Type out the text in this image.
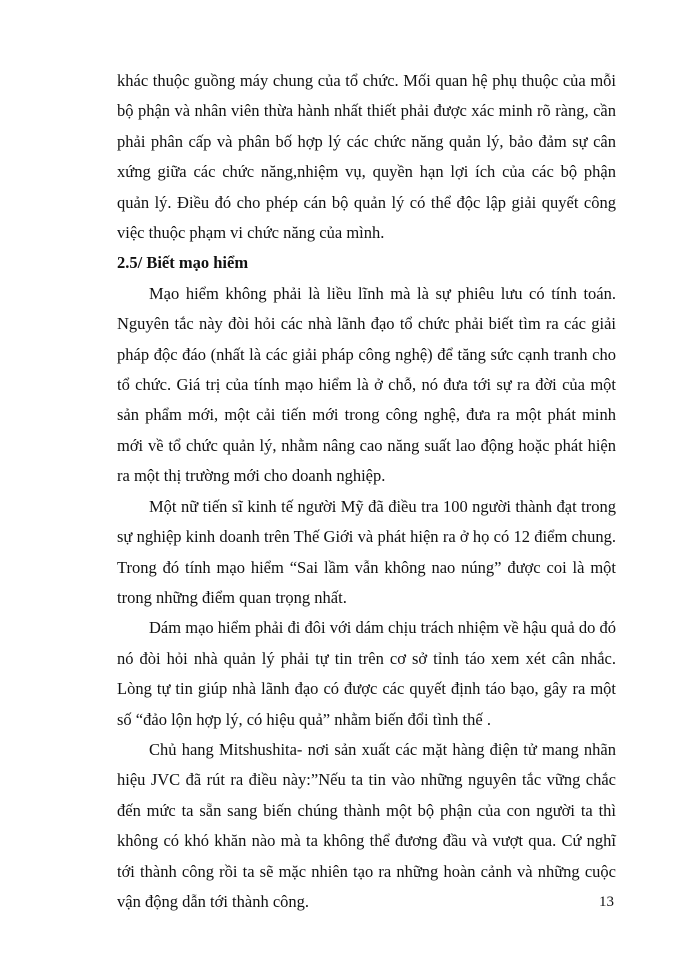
khác thuộc guồng máy chung của tổ chức. Mối quan hệ phụ thuộc của mỗi bộ phận và nhân viên thừa hành nhất thiết phải được xác minh rõ ràng, cần phải phân cấp và phân bố hợp lý các chức năng quản lý, bảo đảm sự cân xứng giữa các chức năng,nhiệm vụ, quyền hạn lợi ích của các bộ phận quản lý. Điều đó cho phép cán bộ quản lý có thể độc lập giải quyết công việc thuộc phạm vi chức năng của mình.

2.5/ Biết mạo hiểm

Mạo hiểm không phải là liều lĩnh mà là sự phiêu lưu có tính toán. Nguyên tắc này đòi hỏi các nhà lãnh đạo tổ chức phải biết tìm ra các giải pháp độc đáo (nhất là các giải pháp công nghệ) để tăng sức cạnh tranh cho tổ chức. Giá trị của tính mạo hiểm là ở chỗ, nó đưa tới sự ra đời của một sản phẩm mới, một cải tiến mới trong công nghệ, đưa ra một phát minh mới về tổ chức quản lý, nhằm nâng cao năng suất lao động hoặc phát hiện ra một thị trường mới cho doanh nghiệp.

Một nữ tiến sĩ kinh tế người Mỹ đã điều tra 100 người thành đạt trong sự nghiệp kinh doanh trên Thế Giới và phát hiện ra ở họ có 12 điểm chung. Trong đó tính mạo hiểm “Sai lầm vẫn không nao núng” được coi là một trong những điểm quan trọng nhất.

Dám mạo hiểm phải đi đôi với dám chịu trách nhiệm về hậu quả do đó nó đòi hỏi nhà quản lý phải tự tin trên cơ sở tỉnh táo xem xét cân nhắc. Lòng tự tin giúp nhà lãnh đạo có được các quyết định táo bạo, gây ra một số “đảo lộn hợp lý, có hiệu quả” nhằm biến đổi tình thế .

Chủ hang Mitshushita- nơi sản xuất các mặt hàng điện tử mang nhãn hiệu JVC đã rút ra điều này:”Nếu ta tin vào những nguyên tắc vững chắc đến mức ta sẵn sang biến chúng thành một bộ phận của con người ta thì không có khó khăn nào mà ta không thể đương đầu và vượt qua. Cứ nghĩ tới thành công rồi ta sẽ mặc nhiên tạo ra những hoàn cảnh và những cuộc vận động dẫn tới thành công.	13
